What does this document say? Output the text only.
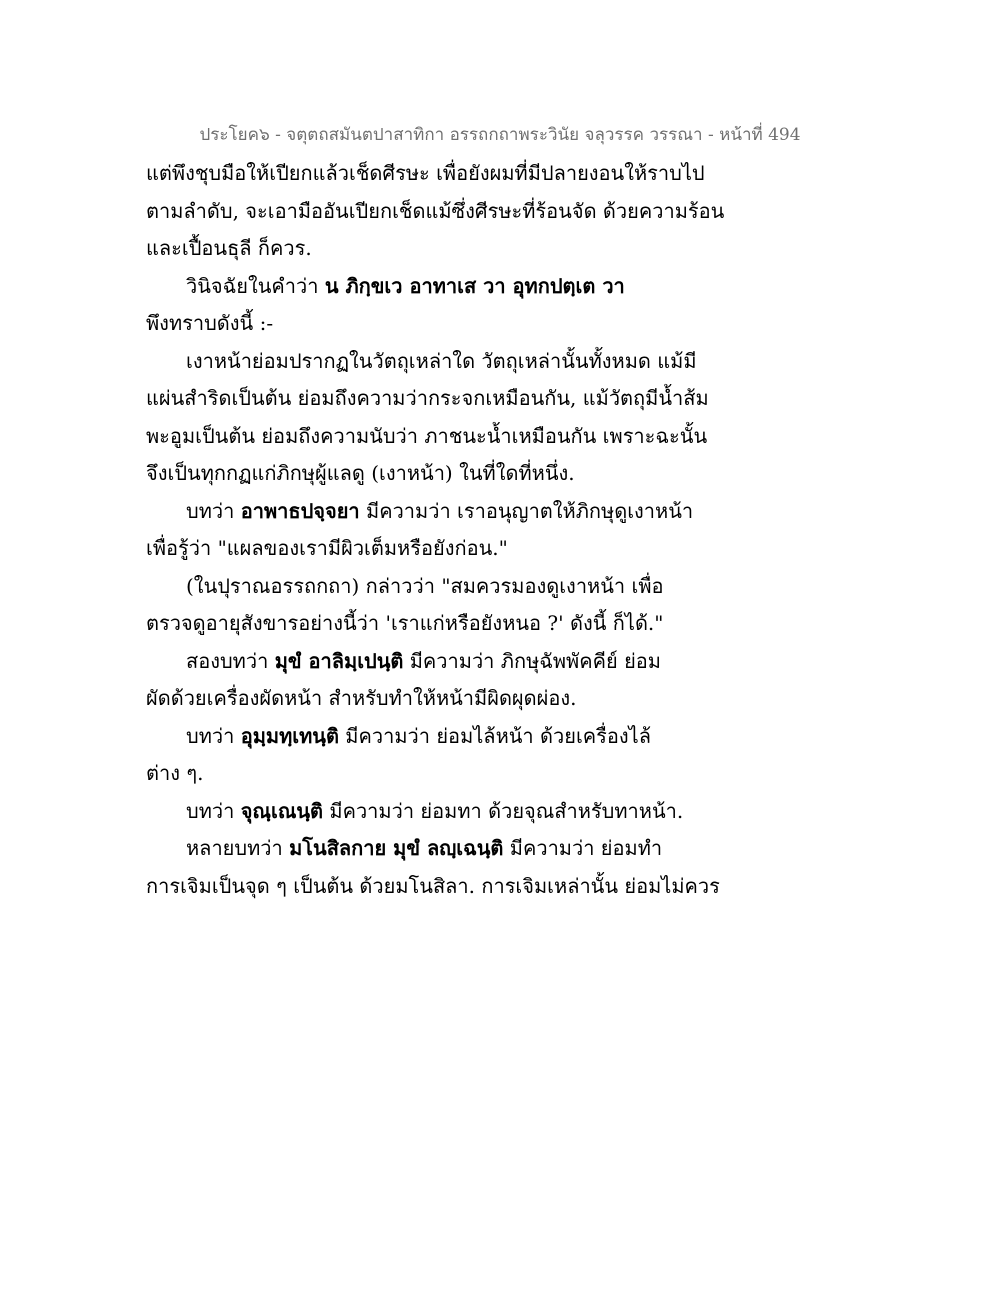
ประโยค๖ - จตุตถสมันตปาสาทิกา อรรถกถาพระวินัย จลุวรรค วรรณา - หน้าที่ 494
แต่พึงชุบมือให้เปียกแล้วเช็ดศีรษะ เพื่อยังผมที่มีปลายงอนให้ราบไป
ตามลำดับ, จะเอามืออันเปียกเช็ดแม้ซึ่งศีรษะที่ร้อนจัด ด้วยความร้อน
และเปื้อนธุลี ก็ควร.
วินิจฉัยในคำว่า น ภิกฺขเว อาทาเส วา อุทกปตฺเต วา
พึงทราบดังนี้ :-
เงาหน้าย่อมปรากฏในวัตถุเหล่าใด วัตถุเหล่านั้นทั้งหมด แม้มี
แผ่นสำริดเป็นต้น ย่อมถึงความว่ากระจกเหมือนกัน, แม้วัตถุมีน้ำส้ม
พะอูมเป็นต้น ย่อมถึงความนับว่า ภาชนะน้ำเหมือนกัน เพราะฉะนั้น
จึงเป็นทุกกฏแก่ภิกษุผู้แลดู (เงาหน้า) ในที่ใดที่หนึ่ง.
บทว่า อาพาธปจฺจยา มีความว่า เราอนุญาตให้ภิกษุดูเงาหน้า
เพื่อรู้ว่า "แผลของเรามีผิวเต็มหรือยังก่อน."
(ในปุราณอรรถกถา) กล่าวว่า "สมควรมองดูเงาหน้า เพื่อ
ตรวจดูอายุสังขารอย่างนี้ว่า 'เราแก่หรือยังหนอ ?' ดังนี้ ก็ได้."
สองบทว่า มุขํ อาลิมฺเปนฺติ มีความว่า ภิกษุฉัพพัคคีย์ ย่อม
ผัดด้วยเครื่องผัดหน้า สำหรับทำให้หน้ามีผิดผุดผ่อง.
บทว่า อุมฺมทฺเทนฺติ มีความว่า ย่อมไล้หน้า ด้วยเครื่องไล้
ต่าง ๆ.
บทว่า จุณฺเณนฺติ มีความว่า ย่อมทา ด้วยจุณสำหรับทาหน้า.
หลายบทว่า มโนสิลกาย มุขํ ลญฺเฉนฺติ มีความว่า ย่อมทำ
การเจิมเป็นจุด ๆ เป็นต้น ด้วยมโนสิลา. การเจิมเหล่านั้น ย่อมไม่ควร
